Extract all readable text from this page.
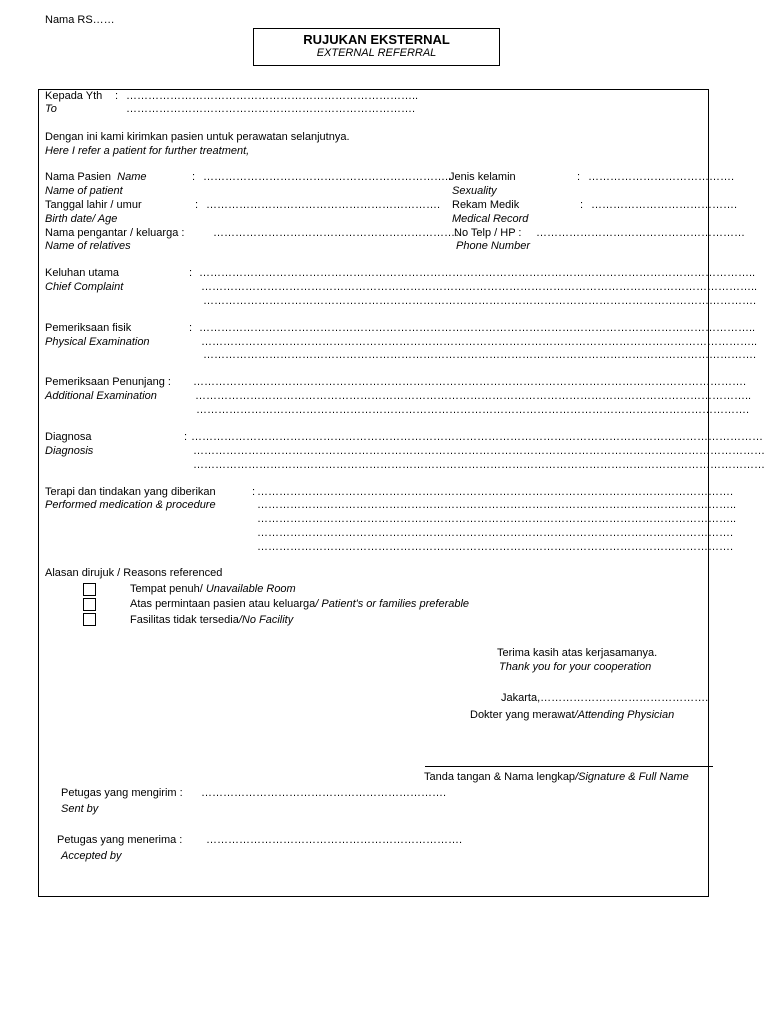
Nama RS……
RUJUKAN EKSTERNAL
EXTERNAL REFERRAL
Kepada Yth : ……………………………………………………………………..
To	…………………………………………………………………….
Dengan ini kami kirimkan pasien untuk perawatan selanjutnya.
Here I refer a patient for further treatment,
Nama Pasien Name	: …………………………………………………………..
Name of patient
Tanggal lahir / umur	: ……………………………………………………….
Birth date/ Age
Nama pengantar / keluarga :	……………………………………………………………
Name of relatives
Jenis kelamin	: ………………………………….
Sexuality
Rekam Medik	: ………………………………….
Medical Record
No Telp / HP : …………………………………………………
Phone Number
Keluhan utama	: ……………………………………………………………………………………………………………………………………..
Chief Complaint	……………………………………………………………………………………………………………………………………..
…………………………………………………………………………………………………………………………………….
Pemeriksaan fisik	: ……………………………………………………………………………………………………………………………………..
Physical Examination	……………………………………………………………………………………………………………………………………..
…………………………………………………………………………………………………………………………………….
Pemeriksaan Penunjang : …………………………………………………………………………………………………………………………………….
Additional Examination	……………………………………………………………………………………………………………………………………..
…………………………………………………………………………………………………………………………………….
Diagnosa	: …………………………………………………………………………………………………………………………………………
Diagnosis	…………………………………………………………………………………………………………………………………………
…………………………………………………………………………………………………………………………………………
Terapi dan tindakan yang diberikan	: ………………………………………………………………………………………………………………….
Performed medication & procedure	…………………………………………………………………………………………………………………..
…………………………………………………………………………………………………………………..
………………………………………………………………………………………………………………….
………………………………………………………………………………………………………………….
Alasan dirujuk / Reasons referenced
Tempat penuh/ Unavailable Room
Atas permintaan pasien atau keluarga/ Patient's or families preferable
Fasilitas tidak tersedia/No Facility
Terima kasih atas kerjasamanya.
Thank you for your cooperation
Jakarta,……………………………………….
Dokter yang merawat/Attending Physician
Tanda tangan & Nama lengkap/Signature & Full Name
Petugas yang mengirim : ………………………………………………………….
Sent by
Petugas yang menerima : …………………………………………………………….
Accepted by
